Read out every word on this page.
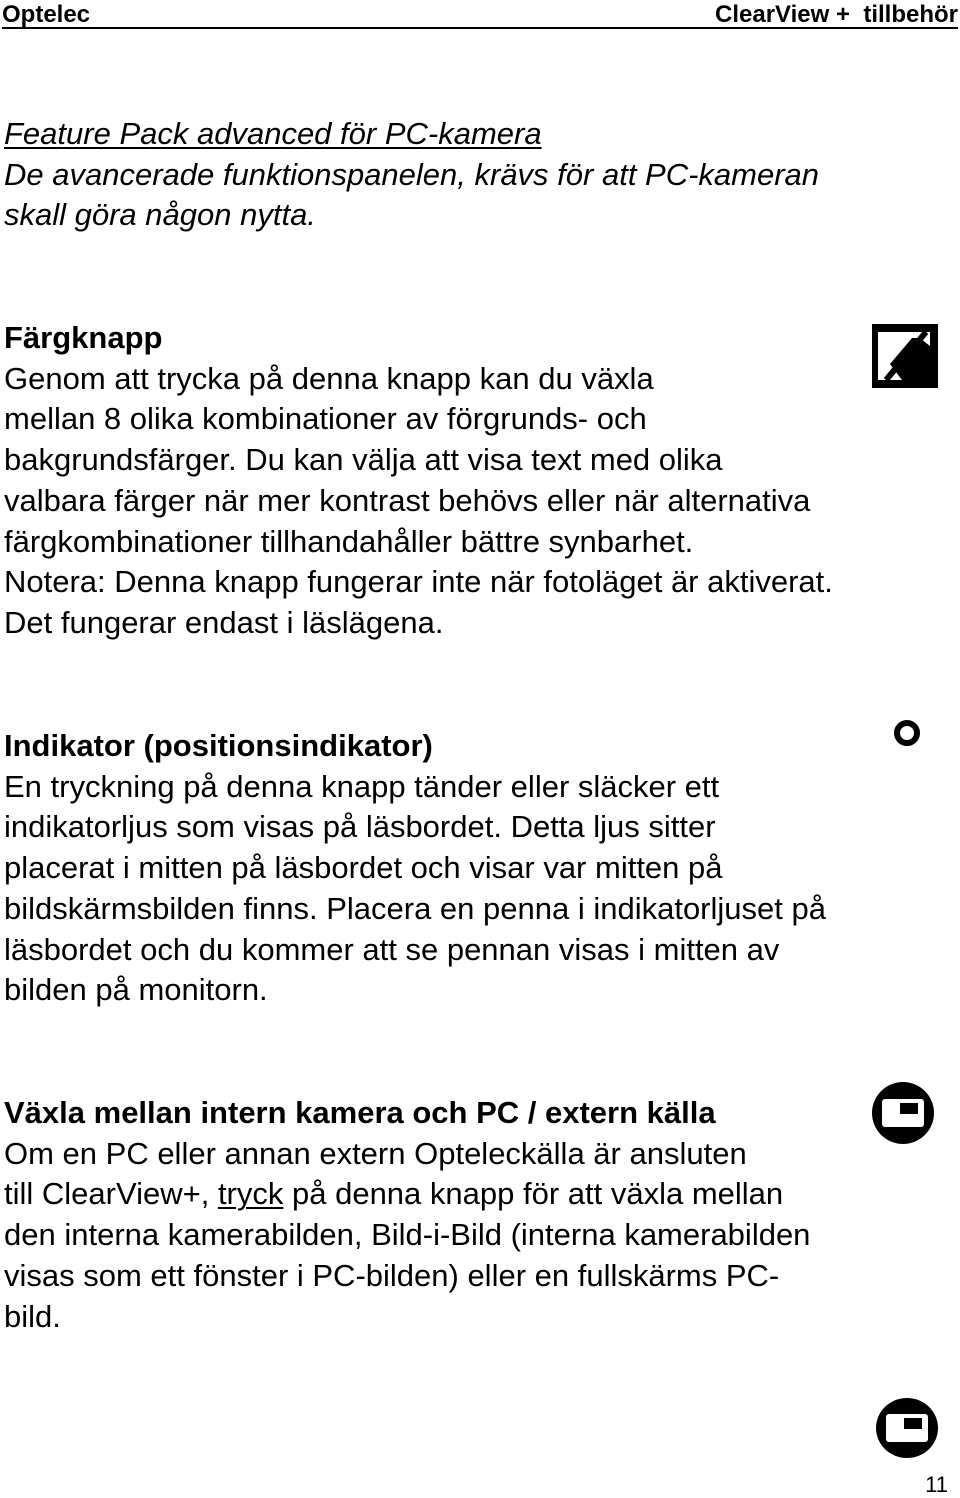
Optelec	ClearView +  tillbehör
Feature Pack advanced för PC-kamera
De avancerade funktionspanelen, krävs för att PC-kameran
skall göra någon nytta.
Färgknapp
Genom att trycka på denna knapp kan du växla
mellan 8 olika kombinationer av förgrunds- och
bakgrundsfärger. Du kan välja att visa text med olika
valbara färger när mer kontrast behövs eller när alternativa
färgkombinationer tillhandahåller bättre synbarhet.
Notera: Denna knapp fungerar inte när fotoläget är aktiverat.
Det fungerar endast i läslägena.
Indikator (positionsindikator)
En tryckning på denna knapp tänder eller släcker ett
indikatorljus som visas på läsbordet. Detta ljus sitter
placerat i mitten på läsbordet och visar var mitten på
bildskärmsbilden finns. Placera en penna i indikatorljuset på
läsbordet och du kommer att se pennan visas i mitten av
bilden på monitorn.
Växla mellan intern kamera och PC / extern källa
Om en PC eller annan extern Opteleckälla är ansluten
till ClearView+, tryck på denna knapp för att växla mellan
den interna kamerabilden, Bild-i-Bild (interna kamerabilden
visas som ett fönster i PC-bilden) eller en fullskärms PC-
bild.
11
